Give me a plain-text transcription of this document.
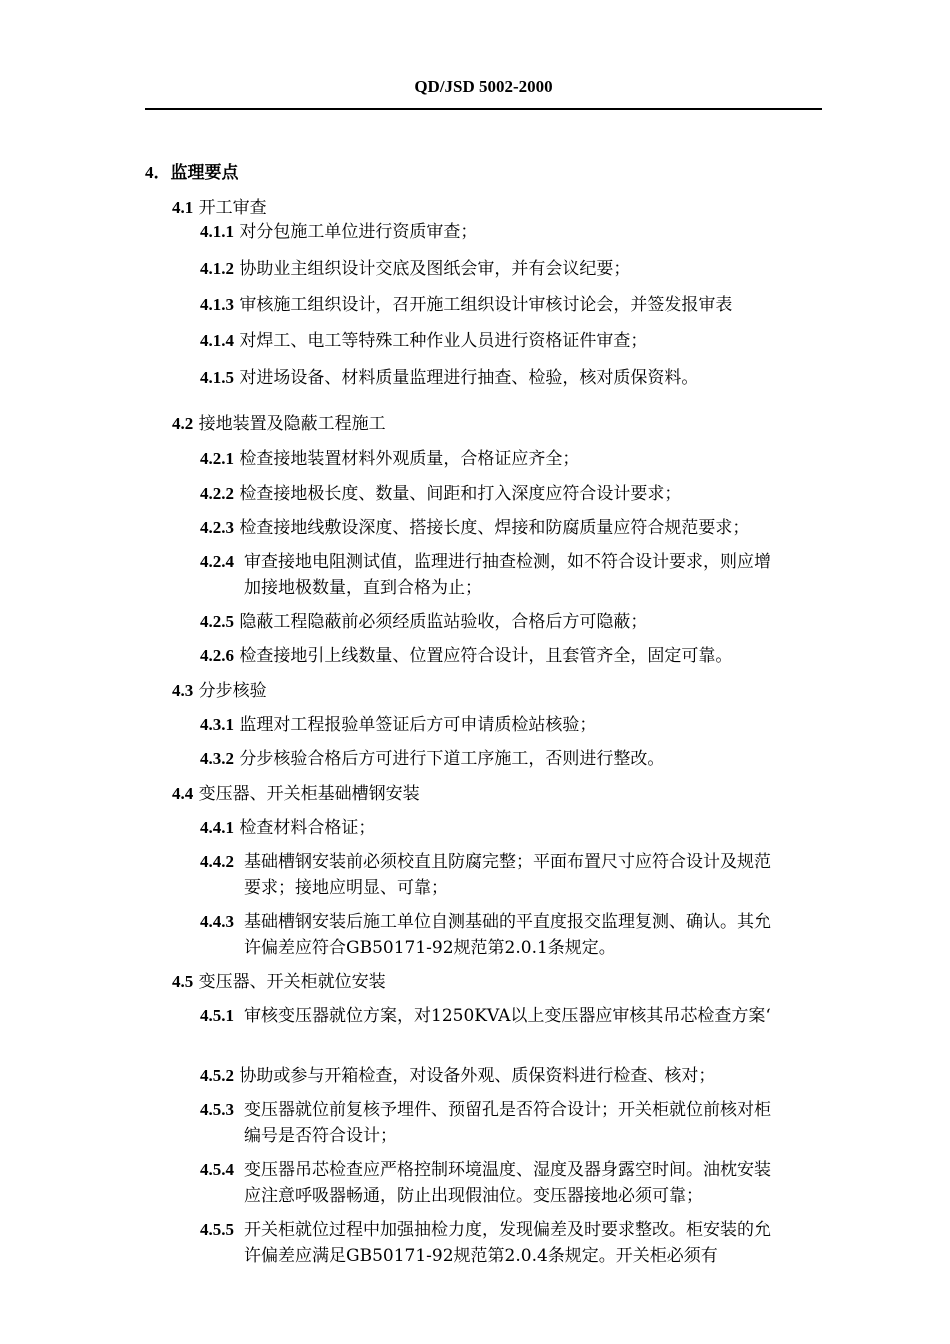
QD/JSD 5002-2000
4．监理要点
4.1 开工审查
4.1.1 对分包施工单位进行资质审查；
4.1.2 协助业主组织设计交底及图纸会审，并有会议纪要；
4.1.3 审核施工组织设计，召开施工组织设计审核讨论会，并签发报审表
4.1.4 对焊工、电工等特殊工种作业人员进行资格证件审查；
4.1.5 对进场设备、材料质量监理进行抽查、检验，核对质保资料。
4.2 接地装置及隐蔽工程施工
4.2.1 检查接地装置材料外观质量，合格证应齐全；
4.2.2 检查接地极长度、数量、间距和打入深度应符合设计要求；
4.2.3 检查接地线敷设深度、搭接长度、焊接和防腐质量应符合规范要求；
4.2.4 审查接地电阻测试值，监理进行抽查检测，如不符合设计要求，则应增加接地极数量，直到合格为止；
4.2.5 隐蔽工程隐蔽前必须经质监站验收，合格后方可隐蔽；
4.2.6 检查接地引上线数量、位置应符合设计，且套管齐全，固定可靠。
4.3 分步核验
4.3.1 监理对工程报验单签证后方可申请质检站核验；
4.3.2 分步核验合格后方可进行下道工序施工，否则进行整改。
4.4 变压器、开关柜基础槽钢安装
4.4.1 检查材料合格证；
4.4.2 基础槽钢安装前必须校直且防腐完整；平面布置尺寸应符合设计及规范要求；接地应明显、可靠；
4.4.3 基础槽钢安装后施工单位自测基础的平直度报交监理复测、确认。其允许偏差应符合GB50171-92规范第2.0.1条规定。
4.5 变压器、开关柜就位安装
4.5.1 审核变压器就位方案，对1250KVA以上变压器应审核其吊芯检查方案‘
4.5.2 协助或参与开箱检查，对设备外观、质保资料进行检查、核对；
4.5.3 变压器就位前复核予埋件、预留孔是否符合设计；开关柜就位前核对柜编号是否符合设计；
4.5.4 变压器吊芯检查应严格控制环境温度、湿度及器身露空时间。油枕安装应注意呼吸器畅通，防止出现假油位。变压器接地必须可靠；
4.5.5 开关柜就位过程中加强抽检力度，发现偏差及时要求整改。柜安装的允许偏差应满足GB50171-92规范第2.0.4条规定。开关柜必须有
